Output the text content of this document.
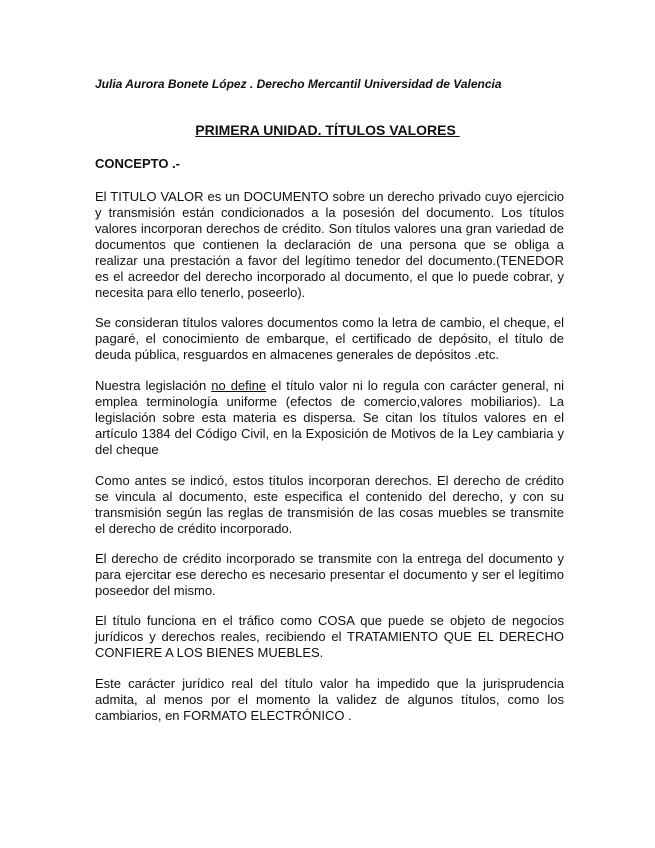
Julia Aurora Bonete López . Derecho Mercantil Universidad de Valencia
PRIMERA UNIDAD. TÍTULOS VALORES
CONCEPTO .-
El TITULO VALOR es un DOCUMENTO sobre un derecho privado cuyo ejercicio y transmisión están condicionados a la posesión del documento. Los títulos valores incorporan derechos de crédito. Son títulos valores una gran variedad de documentos que contienen la declaración de una persona que se obliga a realizar una prestación a favor del legítimo tenedor del documento.(TENEDOR es el acreedor del derecho incorporado al documento, el que lo puede cobrar, y necesita para ello tenerlo, poseerlo).
Se consideran títulos valores documentos como la letra de cambio, el cheque, el pagaré, el conocimiento de embarque, el certificado de depósito, el título de deuda pública, resguardos en almacenes generales de depósitos .etc.
Nuestra legislación no define el título valor ni lo regula con carácter general, ni emplea terminología uniforme (efectos de comercio,valores mobiliarios). La legislación sobre esta materia es dispersa. Se citan los títulos valores en el artículo 1384 del Código Civil, en la Exposición de Motivos de la Ley cambiaria y del cheque
Como antes se indicó, estos títulos incorporan derechos. El derecho de crédito se vincula al documento, este especifica el contenido del derecho, y con su transmisión según las reglas de transmisión de las cosas muebles se transmite el derecho de crédito incorporado.
El derecho de crédito incorporado se transmite con la entrega del documento y para ejercitar ese derecho es necesario presentar el documento y ser el legítimo poseedor del mismo.
El título funciona en el tráfico como COSA que puede se objeto de negocios jurídicos y derechos reales, recibiendo el TRATAMIENTO QUE EL DERECHO CONFIERE A LOS BIENES MUEBLES.
Este carácter jurídico real del título valor ha impedido que la jurisprudencia admita, al menos por el momento la validez de algunos títulos, como los cambiarios, en FORMATO ELECTRÓNICO .
